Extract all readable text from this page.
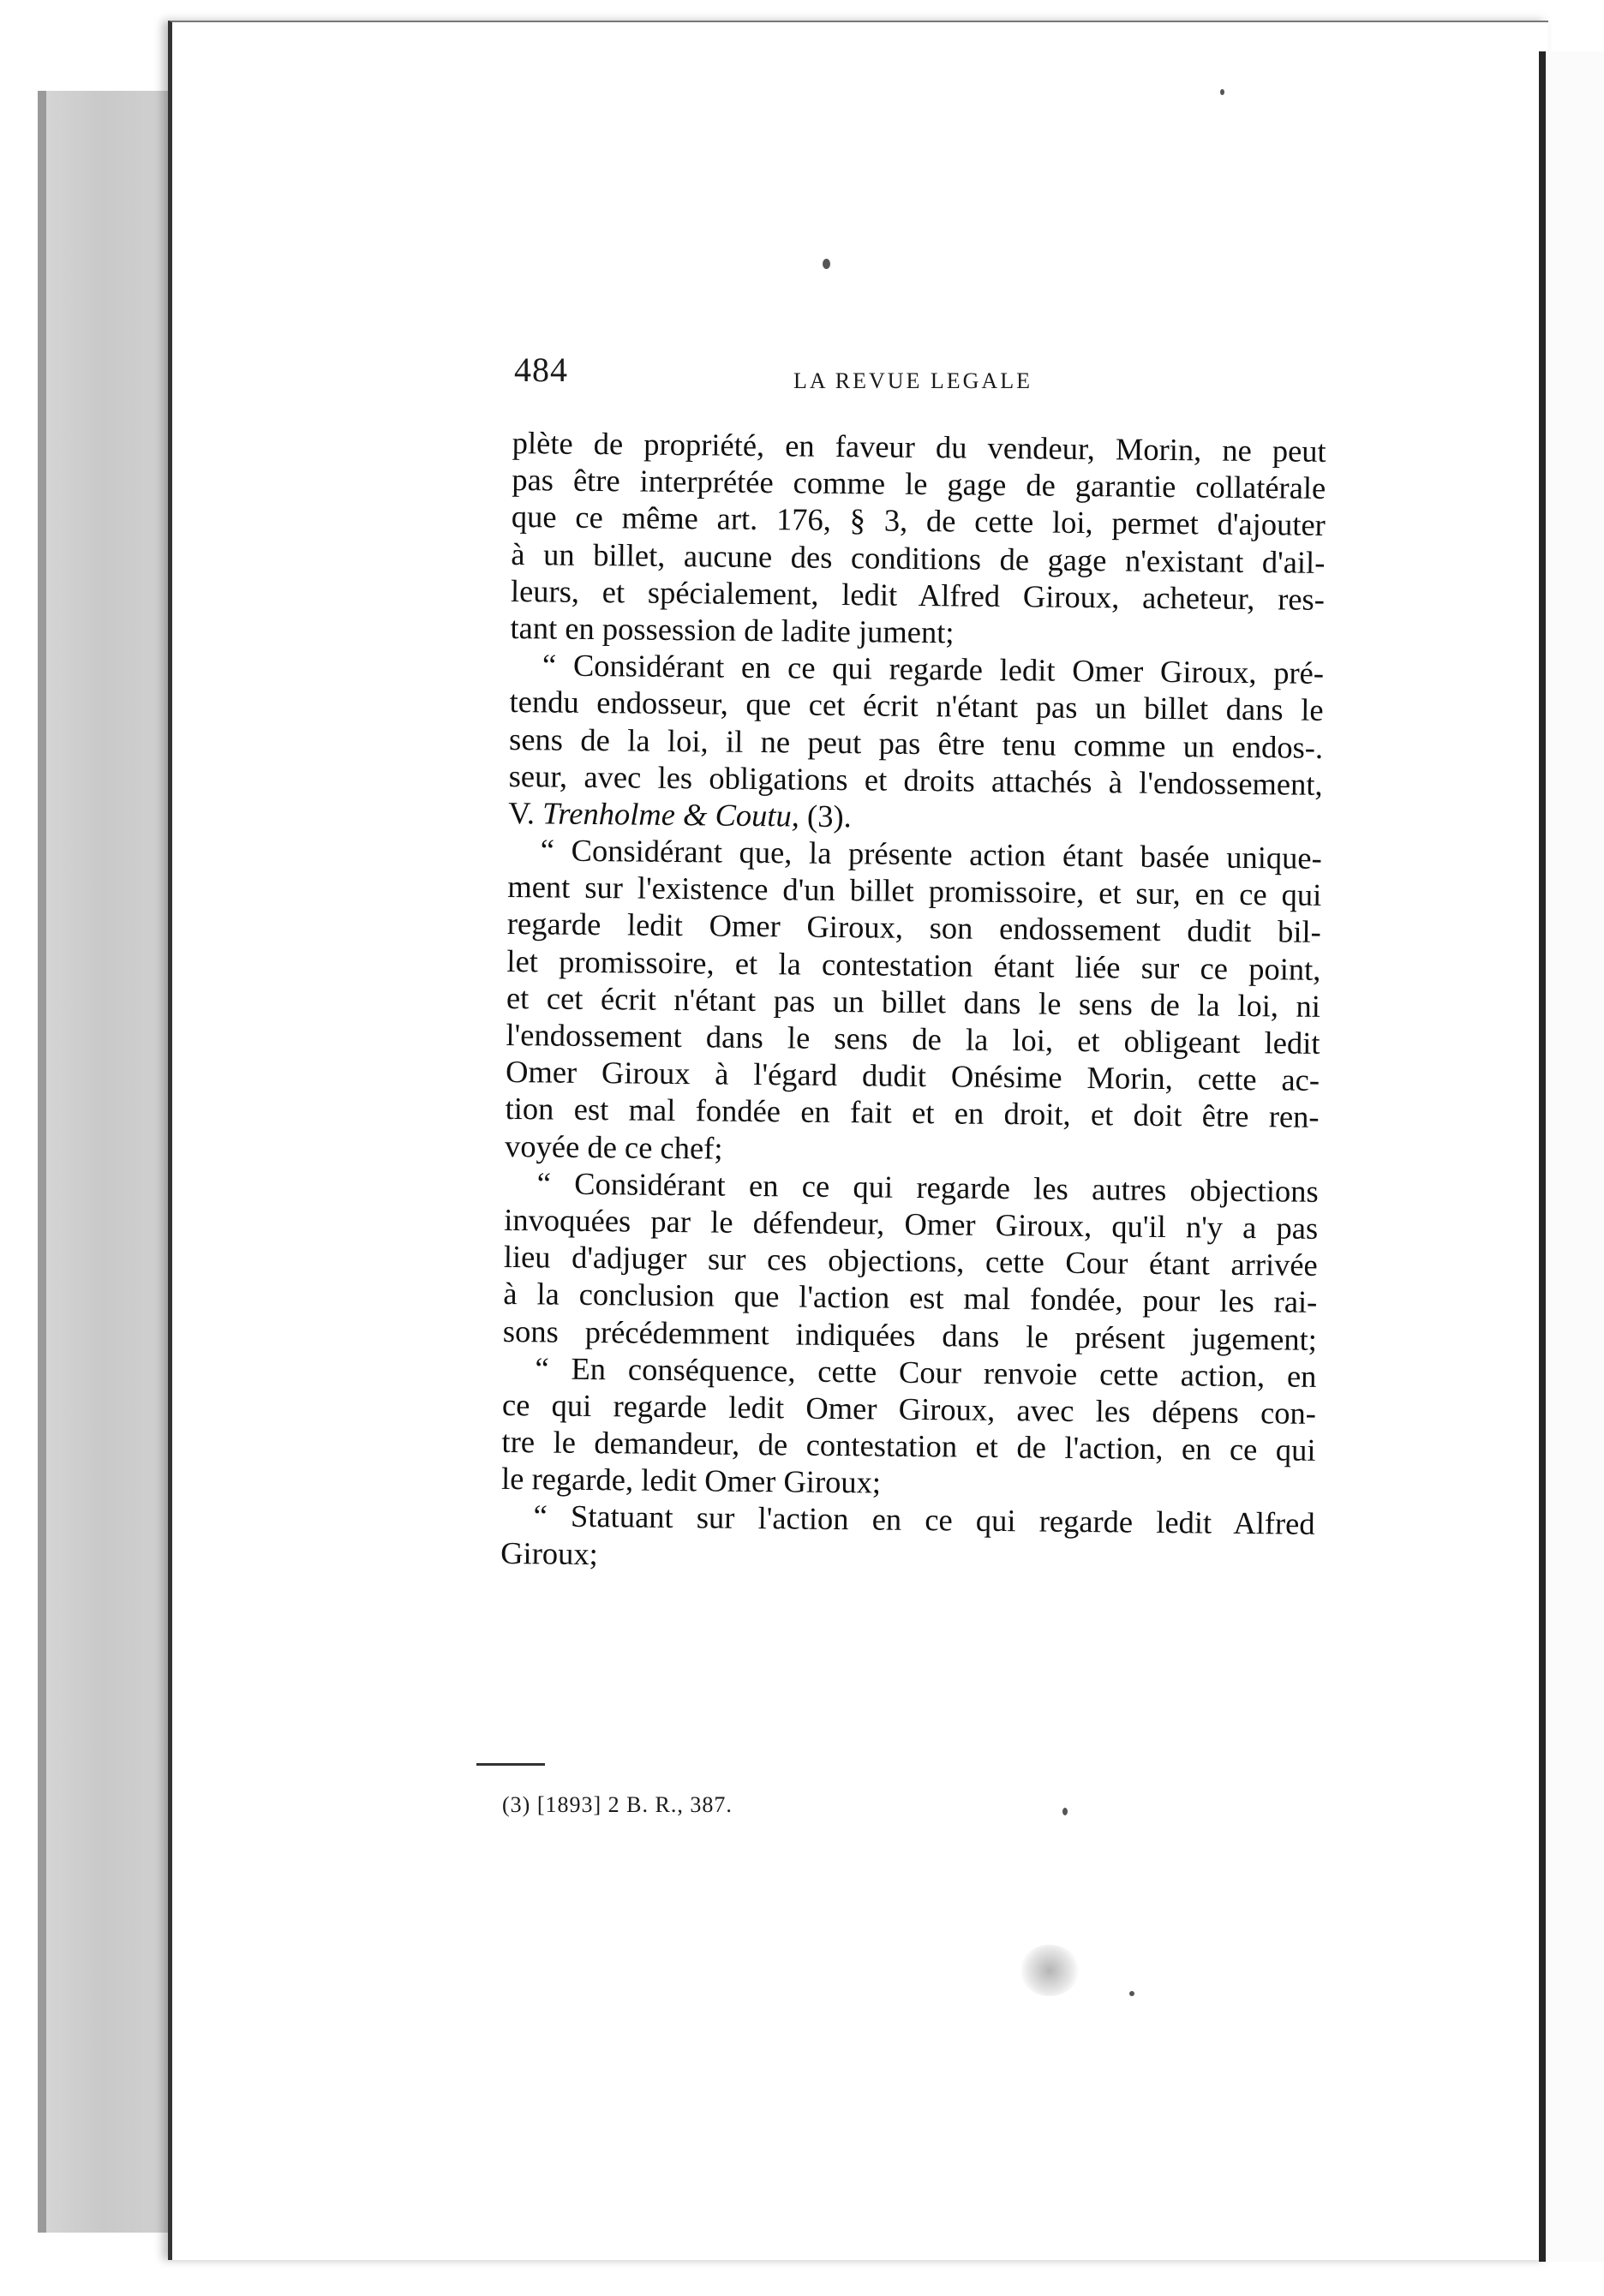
484	LA REVUE LEGALE
plète de propriété, en faveur du vendeur, Morin, ne peut
pas être interprétée comme le gage de garantie collatérale
que ce même art. 176, § 3, de cette loi, permet d'ajouter
à un billet, aucune des conditions de gage n'existant d'ail-
leurs, et spécialement, ledit Alfred Giroux, acheteur, res-
tant en possession de ladite jument;
“ Considérant en ce qui regarde ledit Omer Giroux, pré-
tendu endosseur, que cet écrit n'étant pas un billet dans le
sens de la loi, il ne peut pas être tenu comme un endos-.
seur, avec les obligations et droits attachés à l'endossement,
V. Trenholme & Coutu, (3).
“ Considérant que, la présente action étant basée unique-
ment sur l'existence d'un billet promissoire, et sur, en ce qui
regarde ledit Omer Giroux, son endossement dudit bil-
let promissoire, et la contestation étant liée sur ce point,
et cet écrit n'étant pas un billet dans le sens de la loi, ni
l'endossement dans le sens de la loi, et obligeant ledit
Omer Giroux à l'égard dudit Onésime Morin, cette ac-
tion est mal fondée en fait et en droit, et doit être ren-
voyée de ce chef;
“ Considérant en ce qui regarde les autres objections
invoquées par le défendeur, Omer Giroux, qu'il n'y a pas
lieu d'adjuger sur ces objections, cette Cour étant arrivée
à la conclusion que l'action est mal fondée, pour les rai-
sons précédemment indiquées dans le présent jugement;
“ En conséquence, cette Cour renvoie cette action, en
ce qui regarde ledit Omer Giroux, avec les dépens con-
tre le demandeur, de contestation et de l'action, en ce qui
le regarde, ledit Omer Giroux;
“ Statuant sur l'action en ce qui regarde ledit Alfred
Giroux;
(3) [1893] 2 B. R., 387.
